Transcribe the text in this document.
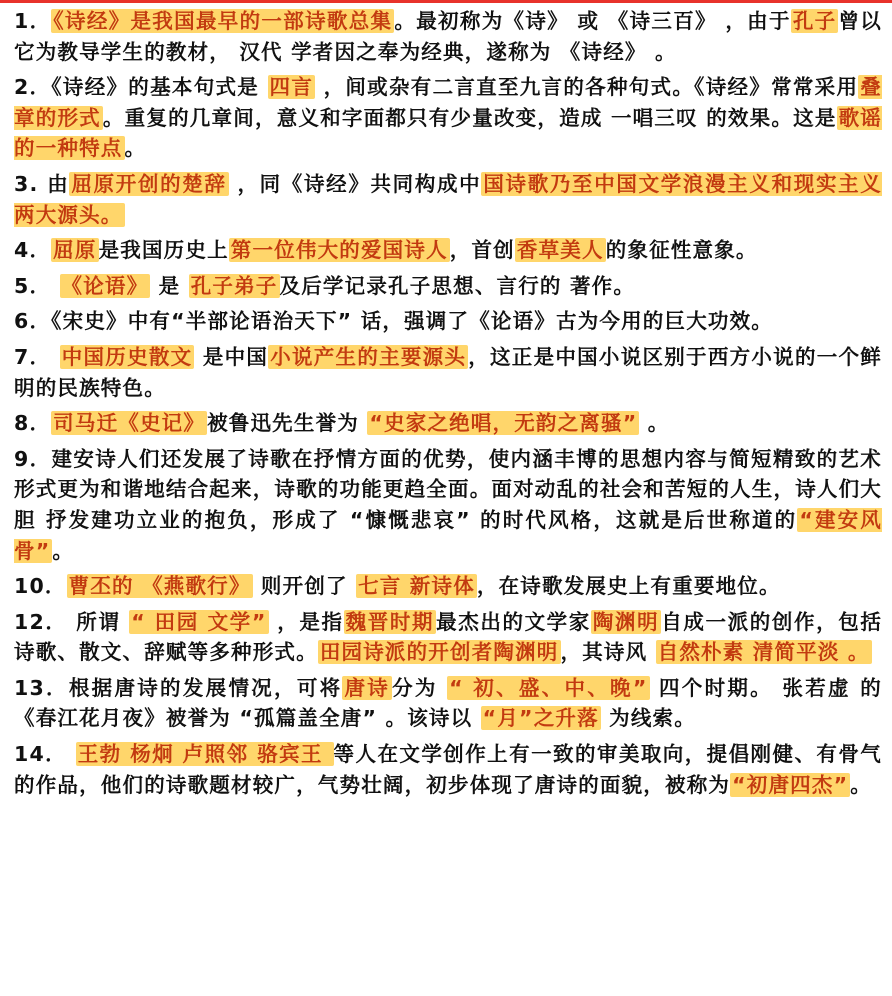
1．《诗经》是我国最早的一部诗歌总集。最初称为《诗》 或 《诗三百》 ，由于孔子曾以它为教导学生的教材， 汉代 学者因之奉为经典，遂称为 《诗经》 。

2．《诗经》的基本句式是 四言 ，间或杂有二言直至九言的各种句式。《诗经》常常采用叠章的形式。重复的几章间，意义和字面都只有少量改变，造成 一唱三叹 的效果。这是歌谣的一种特点。

3. 由屈原开创的楚辞 ，同《诗经》共同构成中国诗歌乃至中国文学浪漫主义和现实主义两大源头。

4．屈原是我国历史上第一位伟大的爱国诗人，首创香草美人的象征性意象。

5． 《论语》 是 孔子弟子及后学记录孔子思想、言行的 著作。

6．《宋史》中有“半部论语治天下” 话，强调了《论语》古为今用的巨大功效。

7． 中国历史散文 是中国小说产生的主要源头，这正是中国小说区别于西方小说的一个鲜明的民族特色。

8．司马迁《史记》被鲁迅先生誉为 “史家之绝唱，无韵之离骚” 。

9．建安诗人们还发展了诗歌在抒情方面的优势，使内涵丰博的思想内容与简短精致的艺术形式更为和谐地结合起来，诗歌的功能更趋全面。面对动乱的社会和苦短的人生，诗人们大胆 抒发建功立业的抱负，形成了 “慷慨悲哀” 的时代风格，这就是后世称道的“建安风骨”。

10．曹丕的 《燕歌行》 则开创了 七言 新诗体，在诗歌发展史上有重要地位。

12． 所谓 “ 田园 文学” ，是指魏晋时期最杰出的文学家陶渊明自成一派的创作，包括诗歌、散文、辞赋等多种形式。田园诗派的开创者陶渊明，其诗风 自然朴素 清简平淡 。

13．根据唐诗的发展情况，可将唐诗分为 “ 初、盛、中、晚” 四个时期。 张若虚 的《春江花月夜》被誉为 “孤篇盖全唐” 。该诗以 “月”之升落 为线索。

14． 王勃 杨炯 卢照邻 骆宾王 等人在文学创作上有一致的审美取向，提倡刚健、有骨气的作品，他们的诗歌题材较广，气势壮阔，初步体现了唐诗的面貌，被称为“初唐四杰”。
